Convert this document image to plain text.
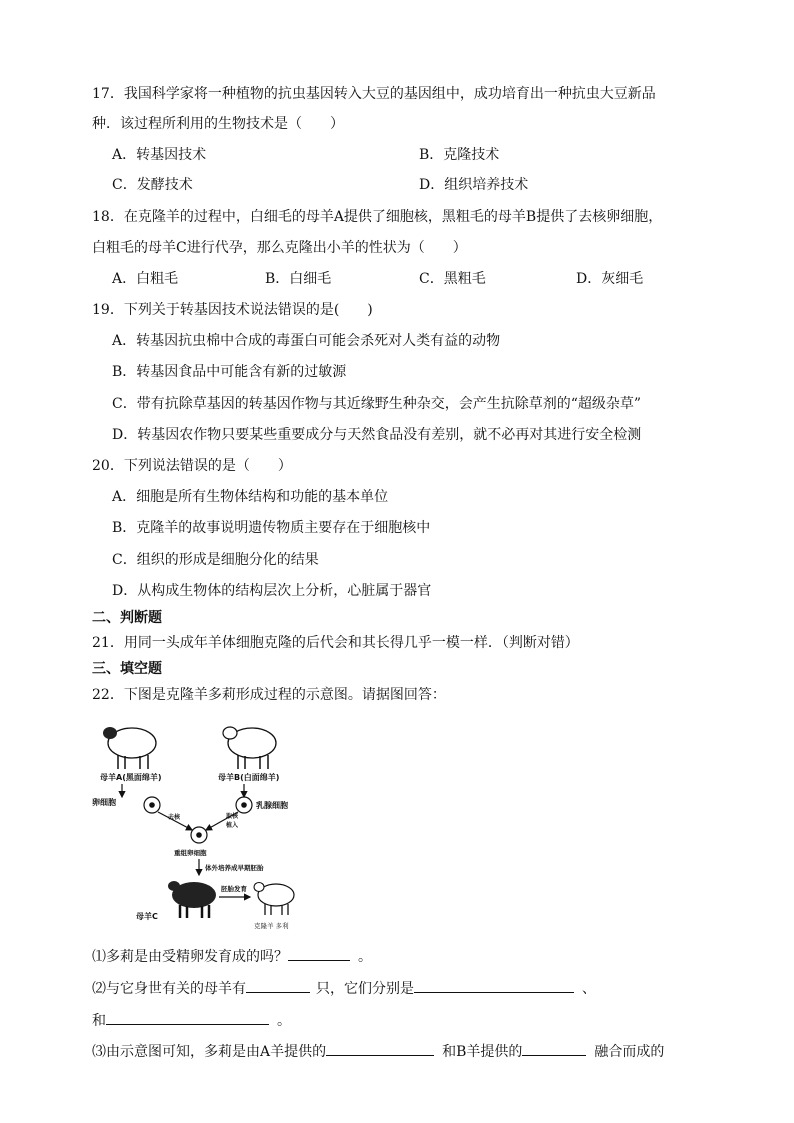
17．我国科学家将一种植物的抗虫基因转入大豆的基因组中，成功培育出一种抗虫大豆新品
种．该过程所利用的生物技术是（　　）
A．转基因技术	B．克隆技术
C．发酵技术	D．组织培养技术
18．在克隆羊的过程中，白细毛的母羊A提供了细胞核，黑粗毛的母羊B提供了去核卵细胞，
白粗毛的母羊C进行代孕，那么克隆出小羊的性状为（　　）
A．白粗毛	B．白细毛	C．黑粗毛	D．灰细毛
19．下列关于转基因技术说法错误的是(　　)
A．转基因抗虫棉中合成的毒蛋白可能会杀死对人类有益的动物
B．转基因食品中可能含有新的过敏源
C．带有抗除草基因的转基因作物与其近缘野生种杂交，会产生抗除草剂的“超级杂草”
D．转基因农作物只要某些重要成分与天然食品没有差别，就不必再对其进行安全检测
20．下列说法错误的是（　　）
A．细胞是所有生物体结构和功能的基本单位
B．克隆羊的故事说明遗传物质主要存在于细胞核中
C．组织的形成是细胞分化的结果
D．从构成生物体的结构层次上分析，心脏属于器官
二、判断题
21．用同一头成年羊体细胞克隆的后代会和其长得几乎一模一样．（判断对错）
三、填空题
22．下图是克隆羊多莉形成过程的示意图。请据图回答：
母羊A(黑面绵羊)	母羊B(白面绵羊)
卵细胞	乳腺细胞
去核	取核
植入
重组卵细胞
体外培养成早期胚胎
母羊C
胚胎发育
克隆羊 多利
⑴多莉是由受精卵发育成的吗？	。
⑵与它身世有关的母羊有	只，它们分别是	、
和	。
⑶由示意图可知，多莉是由A羊提供的	和B羊提供的	融合而成的
